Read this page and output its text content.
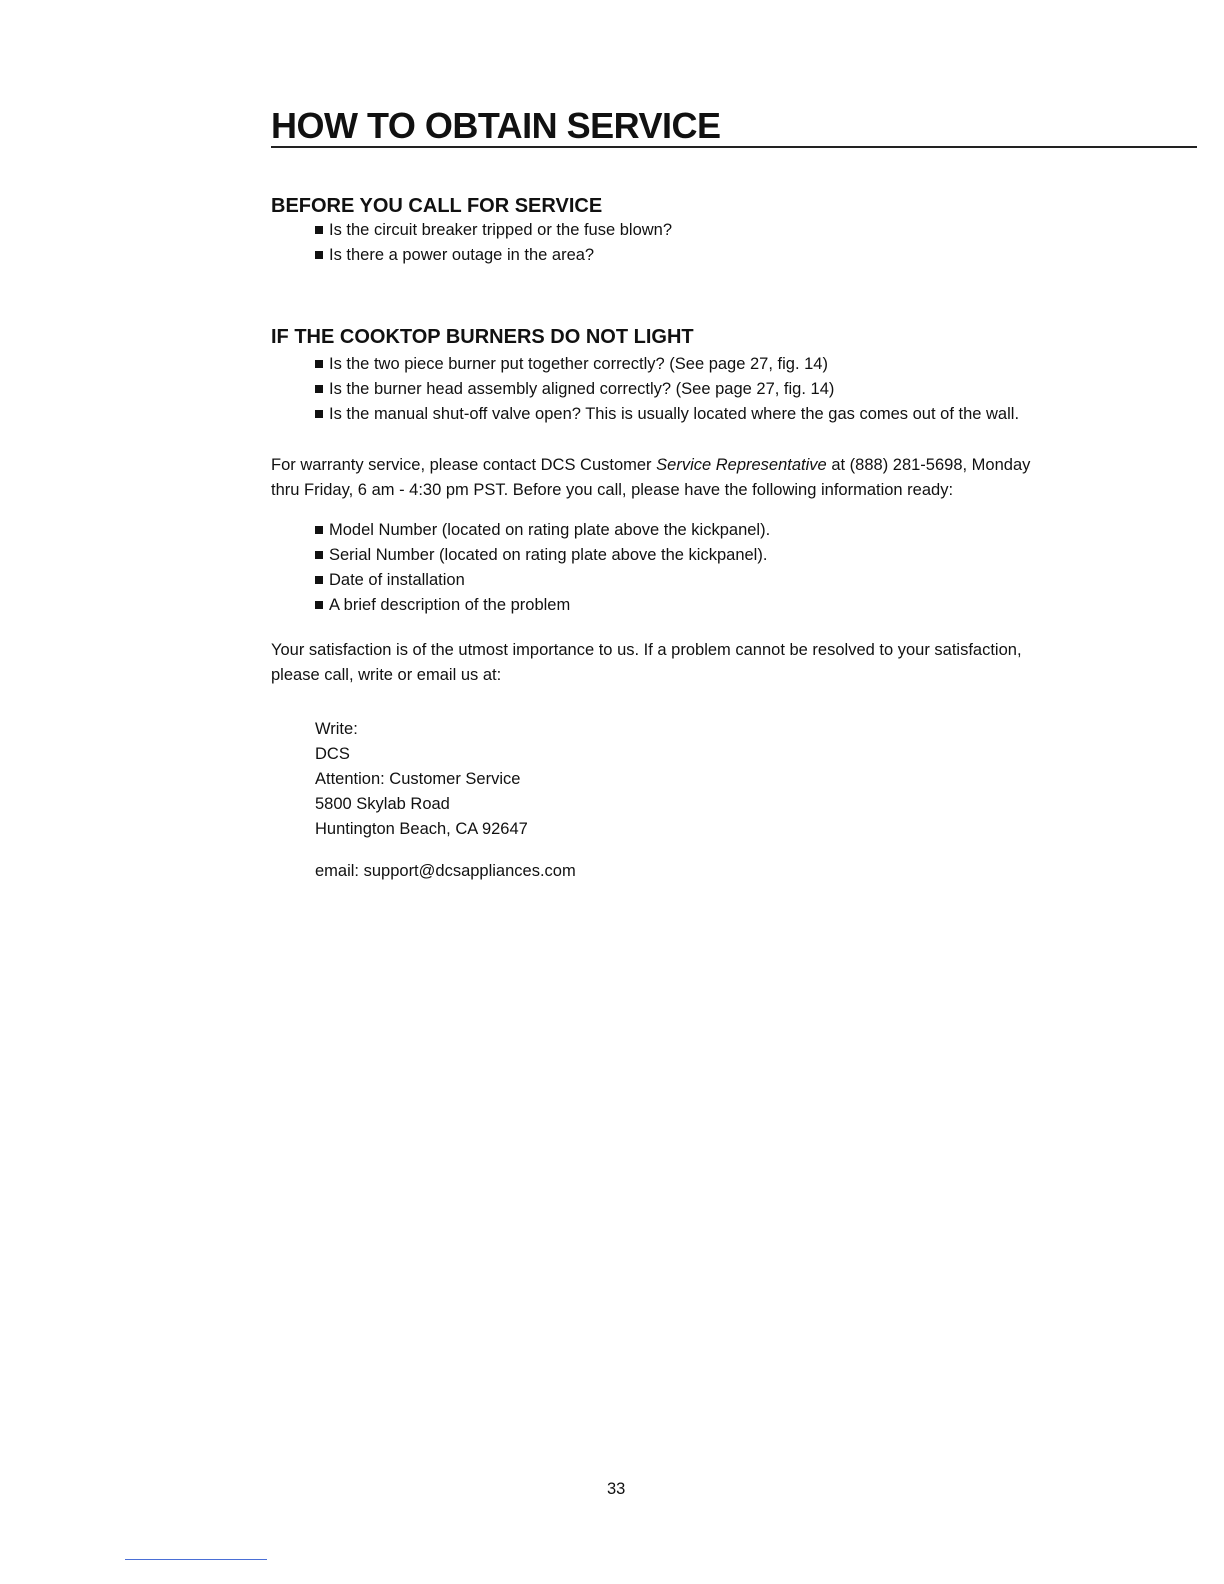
HOW TO OBTAIN SERVICE
BEFORE YOU CALL FOR SERVICE
Is the circuit breaker tripped or the fuse blown?
Is there a power outage in the area?
IF THE COOKTOP BURNERS DO NOT LIGHT
Is the two piece burner put together correctly? (See page 27, fig. 14)
Is the burner head assembly aligned correctly? (See page 27, fig. 14)
Is the manual shut-off valve open? This is usually located where the gas comes out of the wall.

For warranty service, please contact DCS Customer Service Representative at (888) 281-5698, Monday
thru Friday, 6 am - 4:30 pm PST. Before you call, please have the following information ready:

Model Number (located on rating plate above the kickpanel).
Serial Number (located on rating plate above the kickpanel).
Date of installation
A brief description of the problem

Your satisfaction is of the utmost importance to us. If a problem cannot be resolved to your satisfaction,
please call, write or email us at:

Write:
DCS
Attention: Customer Service
5800 Skylab Road
Huntington Beach, CA 92647

email: support@dcsappliances.com

33
